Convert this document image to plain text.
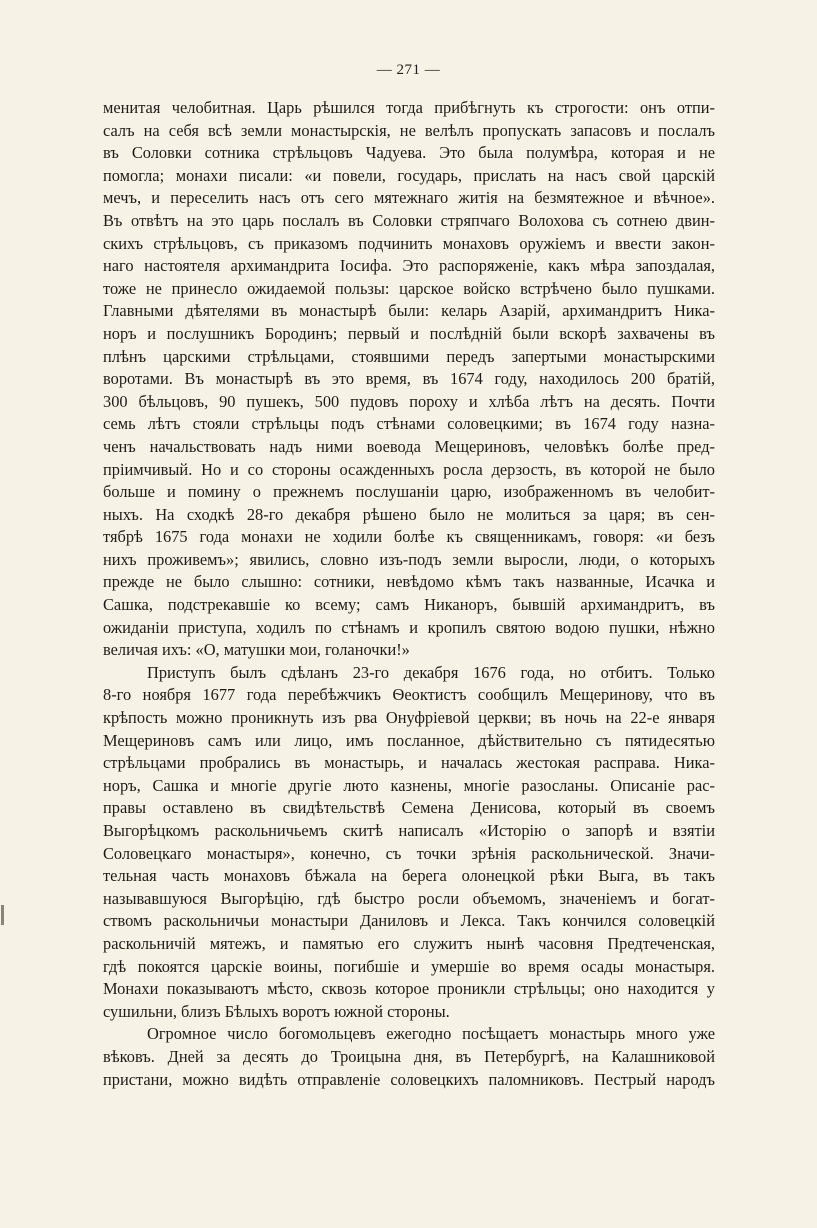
— 271 —
менитая челобитная. Царь рѣшился тогда прибѣгнуть къ строгости: онъ отпи-
салъ на себя всѣ земли монастырскія, не велѣлъ пропускать запасовъ и послалъ
въ Соловки сотника стрѣльцовъ Чадуева. Это была полумѣра, которая и не
помогла; монахи писали: «и повели, государь, прислать на насъ свой царскій
мечъ, и переселить насъ отъ сего мятежнаго житія на безмятежное и вѣчное».
Въ отвѣтъ на это царь послалъ въ Соловки стряпчаго Волохова съ сотнею двин-
скихъ стрѣльцовъ, съ приказомъ подчинить монаховъ оружіемъ и ввести закон-
наго настоятеля архимандрита Іосифа. Это распоряженіе, какъ мѣра запоздалая,
тоже не принесло ожидаемой пользы: царское войско встрѣчено было пушками.
Главными дѣятелями въ монастырѣ были: келарь Азарій, архимандритъ Ника-
норъ и послушникъ Бородинъ; первый и послѣдній были вскорѣ захвачены въ
плѣнъ царскими стрѣльцами, стоявшими передъ запертыми монастырскими
воротами. Въ монастырѣ въ это время, въ 1674 году, находилось 200 братій,
300 бѣльцовъ, 90 пушекъ, 500 пудовъ пороху и хлѣба лѣтъ на десять. Почти
семь лѣтъ стояли стрѣльцы подъ стѣнами соловецкими; въ 1674 году назна-
ченъ начальствовать надъ ними воевода Мещериновъ, человѣкъ болѣе пред-
пріимчивый. Но и со стороны осажденныхъ росла дерзость, въ которой не было
больше и помину о прежнемъ послушаніи царю, изображенномъ въ челобит-
ныхъ. На сходкѣ 28-го декабря рѣшено было не молиться за царя; въ сен-
тябрѣ 1675 года монахи не ходили болѣе къ священникамъ, говоря: «и безъ
нихъ проживемъ»; явились, словно изъ-подъ земли выросли, люди, о которыхъ
прежде не было слышно: сотники, невѣдомо кѣмъ такъ названные, Исачка и
Сашка, подстрекавшіе ко всему; самъ Никаноръ, бывшій архимандритъ, въ
ожиданіи приступа, ходилъ по стѣнамъ и кропилъ святою водою пушки, нѣжно
величая ихъ: «О, матушки мои, голаночки!»
Приступъ былъ сдѣланъ 23-го декабря 1676 года, но отбитъ. Только
8-го ноября 1677 года перебѣжчикъ Ѳеоктистъ сообщилъ Мещеринову, что въ
крѣпость можно проникнуть изъ рва Онуфріевой церкви; въ ночь на 22-е января
Мещериновъ самъ или лицо, имъ посланное, дѣйствительно съ пятидесятью
стрѣльцами пробрались въ монастырь, и началась жестокая расправа. Ника-
норъ, Сашка и многіе другіе люто казнены, многіе разосланы. Описаніе рас-
правы оставлено въ свидѣтельствѣ Семена Денисова, который въ своемъ
Выгорѣцкомъ раскольничьемъ скитѣ написалъ «Исторію о запорѣ и взятіи
Соловецкаго монастыря», конечно, съ точки зрѣнія раскольнической. Значи-
тельная часть монаховъ бѣжала на берега олонецкой рѣки Выга, въ такъ
называвшуюся Выгорѣцію, гдѣ быстро росли объемомъ, значеніемъ и богат-
ствомъ раскольничьи монастыри Даниловъ и Лекса. Такъ кончился соловецкій
раскольничій мятежъ, и памятью его служитъ нынѣ часовня Предтеченская,
гдѣ покоятся царскіе воины, погибшіе и умершіе во время осады монастыря.
Монахи показываютъ мѣсто, сквозь которое проникли стрѣльцы; оно находится у
сушильни, близъ Бѣлыхъ воротъ южной стороны.
Огромное число богомольцевъ ежегодно посѣщаетъ монастырь много уже
вѣковъ. Дней за десять до Троицына дня, въ Петербургѣ, на Калашниковой
пристани, можно видѣть отправленіе соловецкихъ паломниковъ. Пестрый народъ
